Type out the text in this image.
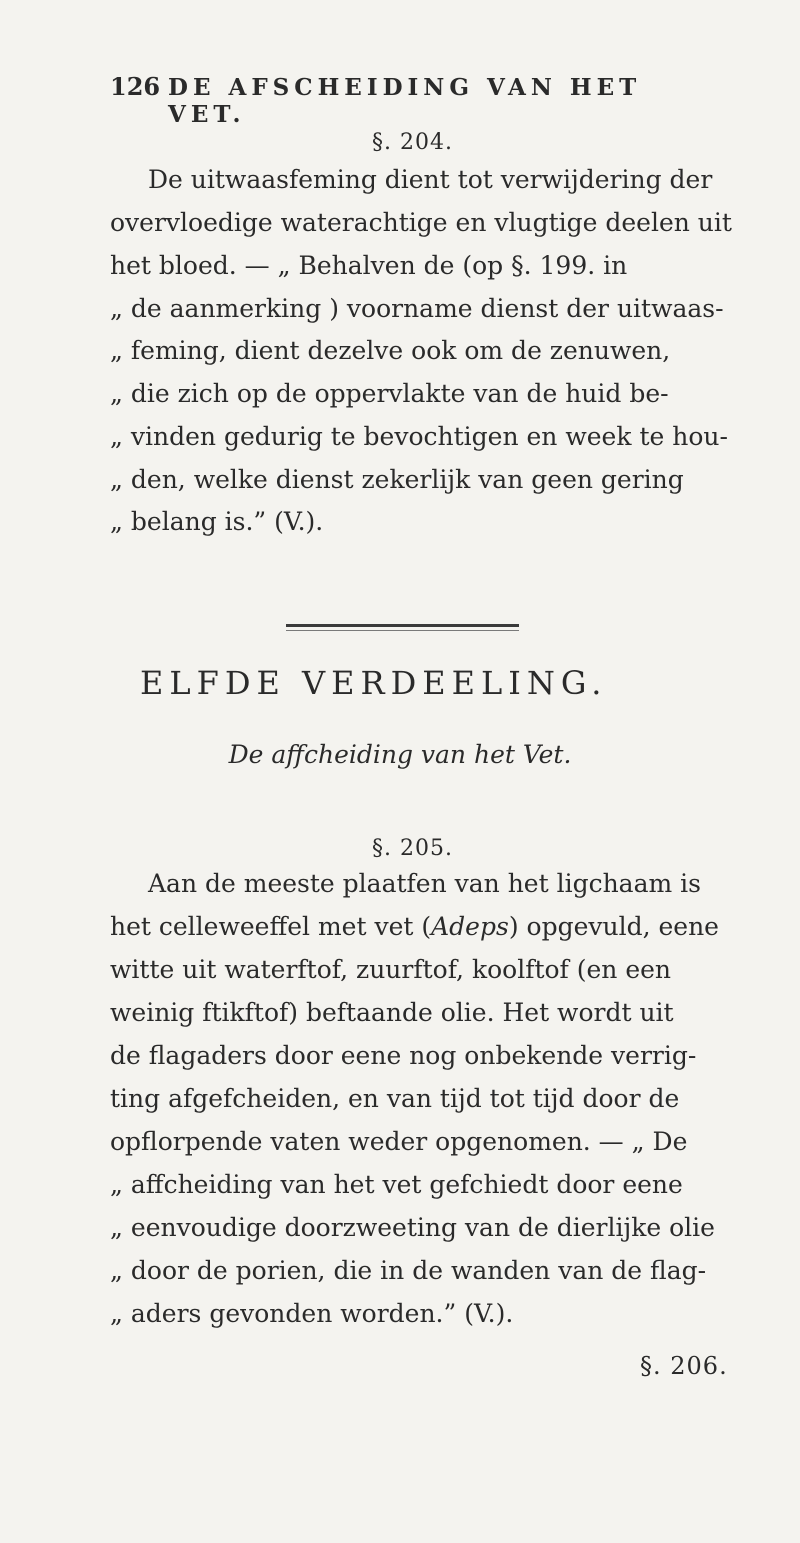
126 DE AFSCHEIDING VAN HET VET.
§. 204.
De uitwaasfeming dient tot verwijdering der
overvloedige waterachtige en vlugtige deelen uit
het bloed. — „ Behalven de (op §. 199. in
„ de aanmerking ) voorname dienst der uitwaas-
„ feming, dient dezelve ook om de zenuwen,
„ die zich op de oppervlakte van de huid be-
„ vinden gedurig te bevochtigen en week te hou-
„ den, welke dienst zekerlijk van geen gering
„ belang is.” (V.).
ELFDE VERDEELING.
De affcheiding van het Vet.
§. 205.
Aan de meeste plaatfen van het ligchaam is
het celleweeffel met vet (Adeps) opgevuld, eene
witte uit waterftof, zuurftof, koolftof (en een
weinig ftikftof) beftaande olie. Het wordt uit
de flagaders door eene nog onbekende verrig-
ting afgefcheiden, en van tijd tot tijd door de
opflorpende vaten weder opgenomen. — „ De
„ affcheiding van het vet gefchiedt door eene
„ eenvoudige doorzweeting van de dierlijke olie
„ door de porien, die in de wanden van de flag-
„ aders gevonden worden.” (V.).
§. 206.
